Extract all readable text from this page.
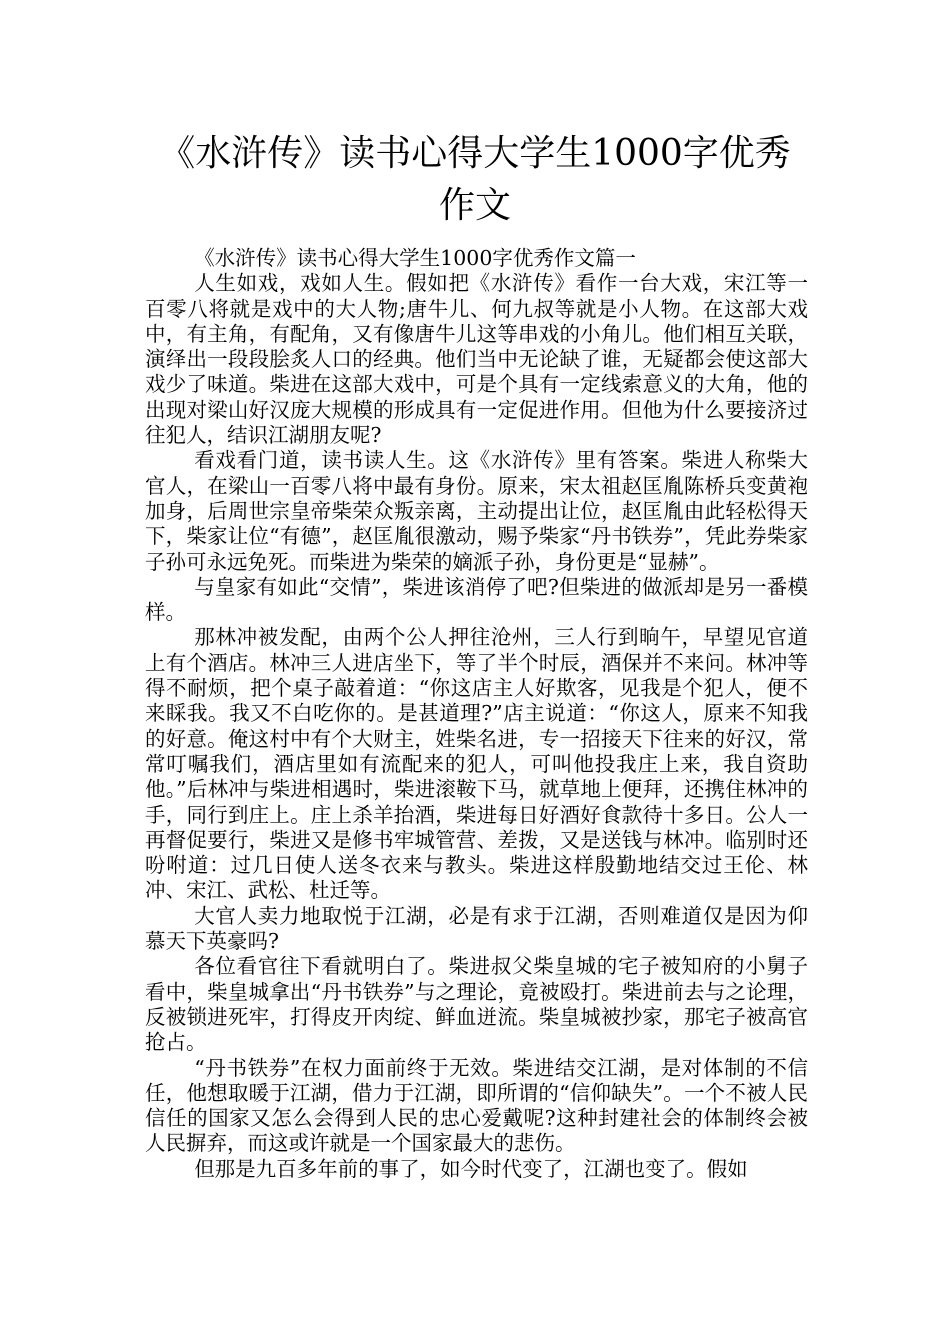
《水浒传》读书心得大学生1000字优秀作文

《水浒传》读书心得大学生1000字优秀作文篇一

人生如戏，戏如人生。假如把《水浒传》看作一台大戏，宋江等一百零八将就是戏中的大人物;唐牛儿、何九叔等就是小人物。在这部大戏中，有主角，有配角，又有像唐牛儿这等串戏的小角儿。他们相互关联，演绎出一段段脍炙人口的经典。他们当中无论缺了谁，无疑都会使这部大戏少了味道。柴进在这部大戏中，可是个具有一定线索意义的大角，他的出现对梁山好汉庞大规模的形成具有一定促进作用。但他为什么要接济过往犯人，结识江湖朋友呢?

看戏看门道，读书读人生。这《水浒传》里有答案。柴进人称柴大官人，在梁山一百零八将中最有身份。原来，宋太祖赵匡胤陈桥兵变黄袍加身，后周世宗皇帝柴荣众叛亲离，主动提出让位，赵匡胤由此轻松得天下，柴家让位“有德”，赵匡胤很激动，赐予柴家“丹书铁券”，凭此券柴家子孙可永远免死。而柴进为柴荣的嫡派子孙，身份更是“显赫”。

与皇家有如此“交情”，柴进该消停了吧?但柴进的做派却是另一番模样。

那林冲被发配，由两个公人押往沧州，三人行到晌午，早望见官道上有个酒店。林冲三人进店坐下，等了半个时辰，酒保并不来问。林冲等得不耐烦，把个桌子敲着道：“你这店主人好欺客，见我是个犯人，便不来睬我。我又不白吃你的。是甚道理?”店主说道：“你这人，原来不知我的好意。俺这村中有个大财主，姓柴名进，专一招接天下往来的好汉，常常叮嘱我们，酒店里如有流配来的犯人，可叫他投我庄上来，我自资助他。”后林冲与柴进相遇时，柴进滚鞍下马，就草地上便拜，还携住林冲的手，同行到庄上。庄上杀羊抬酒，柴进每日好酒好食款待十多日。公人一再督促要行，柴进又是修书牢城管营、差拨，又是送钱与林冲。临别时还吩咐道：过几日使人送冬衣来与教头。柴进这样殷勤地结交过王伦、林冲、宋江、武松、杜迁等。

大官人卖力地取悦于江湖，必是有求于江湖，否则难道仅是因为仰慕天下英豪吗?

各位看官往下看就明白了。柴进叔父柴皇城的宅子被知府的小舅子看中，柴皇城拿出“丹书铁券”与之理论，竟被殴打。柴进前去与之论理，反被锁进死牢，打得皮开肉绽、鲜血迸流。柴皇城被抄家，那宅子被高官抢占。

“丹书铁券”在权力面前终于无效。柴进结交江湖，是对体制的不信任，他想取暖于江湖，借力于江湖，即所谓的“信仰缺失”。一个不被人民信任的国家又怎么会得到人民的忠心爱戴呢?这种封建社会的体制终会被人民摒弃，而这或许就是一个国家最大的悲伤。

但那是九百多年前的事了，如今时代变了，江湖也变了。假如
